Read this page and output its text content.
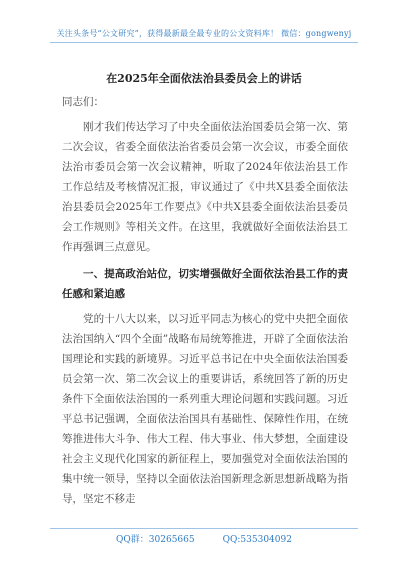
关注头条号“公文研究”，获得最新最全最专业的公文资料库！ 微信：gongwenyj
在2025年全面依法治县委员会上的讲话
同志们：

刚才我们传达学习了中央全面依法治国委员会第一次、第二次会议，省委全面依法治省委员会第一次会议，市委全面依法治市委员会第一次会议精神，听取了2024年依法治县工作工作总结及考核情况汇报，审议通过了《中共X县委全面依法治县委员会2025年工作要点》《中共X县委全面依法治县委员会工作规则》等相关文件。在这里，我就做好全面依法治县工作再强调三点意见。

一、提高政治站位，切实增强做好全面依法治县工作的责任感和紧迫感

党的十八大以来，以习近平同志为核心的党中央把全面依法治国纳入“四个全面”战略布局统筹推进，开辟了全面依法治国理论和实践的新境界。习近平总书记在中央全面依法治国委员会第一次、第二次会议上的重要讲话，系统回答了新的历史条件下全面依法治国的一系列重大理论问题和实践问题。习近平总书记强调，全面依法治国具有基础性、保障性作用，在统筹推进伟大斗争、伟大工程、伟大事业、伟大梦想，全面建设社会主义现代化国家的新征程上，要加强党对全面依法治国的集中统一领导，坚持以全面依法治国新理念新思想新战略为指导，坚定不移走

QQ群：30265665	QQ:535304092
